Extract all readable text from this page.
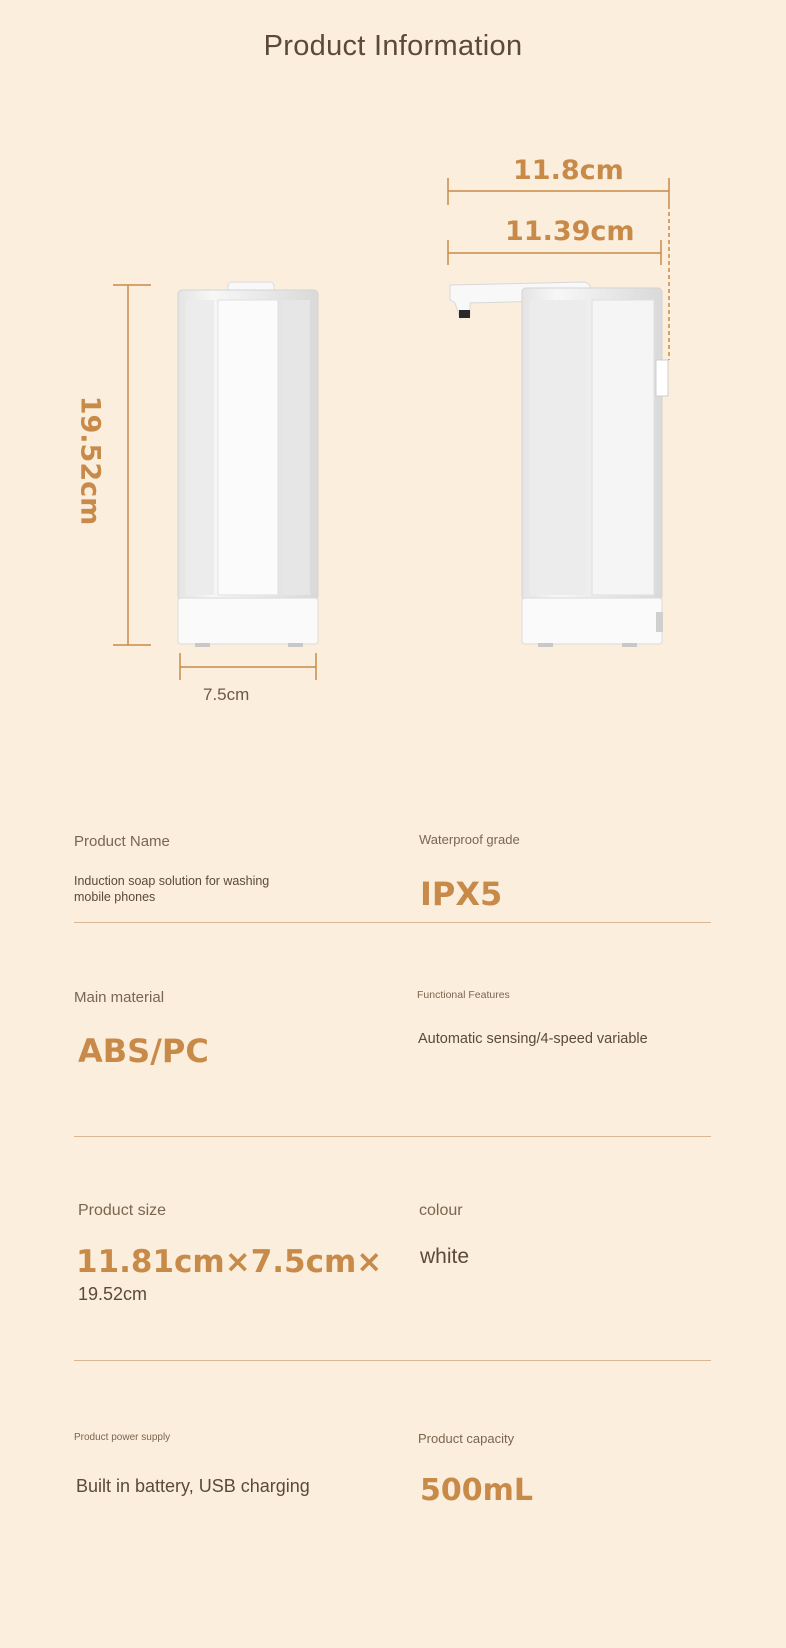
Product Information
19.52cm
7.5cm
11.8cm
11.39cm
Product Name
Induction soap solution for washing mobile phones
Waterproof grade
IPX5
Main material
ABS/PC
Functional Features
Automatic sensing/4-speed variable
Product size
11.81cm×7.5cm×
19.52cm
colour
white
Product power supply
Built in battery, USB charging
Product capacity
500mL
